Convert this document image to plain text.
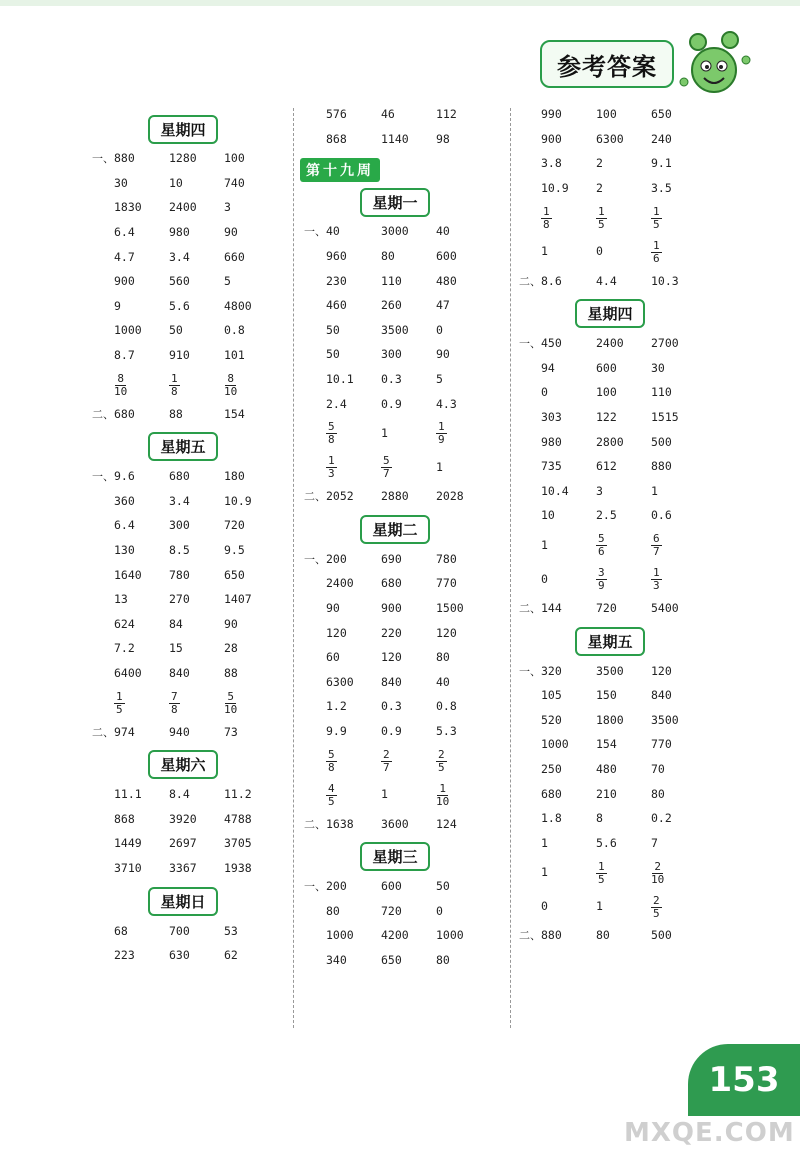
参考答案
星期四
一、 880	1280	100
30	10	740
1830	2400	3
6.4	980	90
4.7	3.4	660
900	560	5
9	5.6	4800
1000	50	0.8
8.7	910	101
$\frac{8}{10}$	$\frac{1}{8}$	$\frac{8}{10}$
二、 680	88	154
星期五
一、 9.6	680	180
360	3.4	10.9
6.4	300	720
130	8.5	9.5
1640	780	650
13	270	1407
624	84	90
7.2	15	28
6400	840	88
$\frac{1}{5}$	$\frac{7}{8}$	$\frac{5}{10}$
二、 974	940	73
星期六
11.1	8.4	11.2
868	3920	4788
1449	2697	3705
3710	3367	1938
星期日
68	700	53
223	630	62
576	46	112
868	1140	98
第十九周
星期一
一、 40	3000	40
960	80	600
230	110	480
460	260	47
50	3500	0
50	300	90
10.1	0.3	5
2.4	0.9	4.3
$\frac{5}{8}$	1	$\frac{1}{9}$
$\frac{1}{3}$	$\frac{5}{7}$	1
二、 2052	2880	2028
星期二
一、 200	690	780
2400	680	770
90	900	1500
120	220	120
60	120	80
6300	840	40
1.2	0.3	0.8
9.9	0.9	5.3
$\frac{5}{8}$	$\frac{2}{7}$	$\frac{2}{5}$
$\frac{4}{5}$	1	$\frac{1}{10}$
二、 1638	3600	124
星期三
一、 200	600	50
80	720	0
1000	4200	1000
340	650	80
990	100	650
900	6300	240
3.8	2	9.1
10.9	2	3.5
$\frac{1}{8}$	$\frac{1}{5}$	$\frac{1}{5}$
1	0	$\frac{1}{6}$
二、 8.6	4.4	10.3
星期四
一、 450	2400	2700
94	600	30
0	100	110
303	122	1515
980	2800	500
735	612	880
10.4	3	1
10	2.5	0.6
1	$\frac{5}{6}$	$\frac{6}{7}$
0	$\frac{3}{9}$	$\frac{1}{3}$
二、 144	720	5400
星期五
一、 320	3500	120
105	150	840
520	1800	3500
1000	154	770
250	480	70
680	210	80
1.8	8	0.2
1	5.6	7
1	$\frac{1}{5}$	$\frac{2}{10}$
0	1	$\frac{2}{5}$
二、 880	80	500
153
MXQE.COM
